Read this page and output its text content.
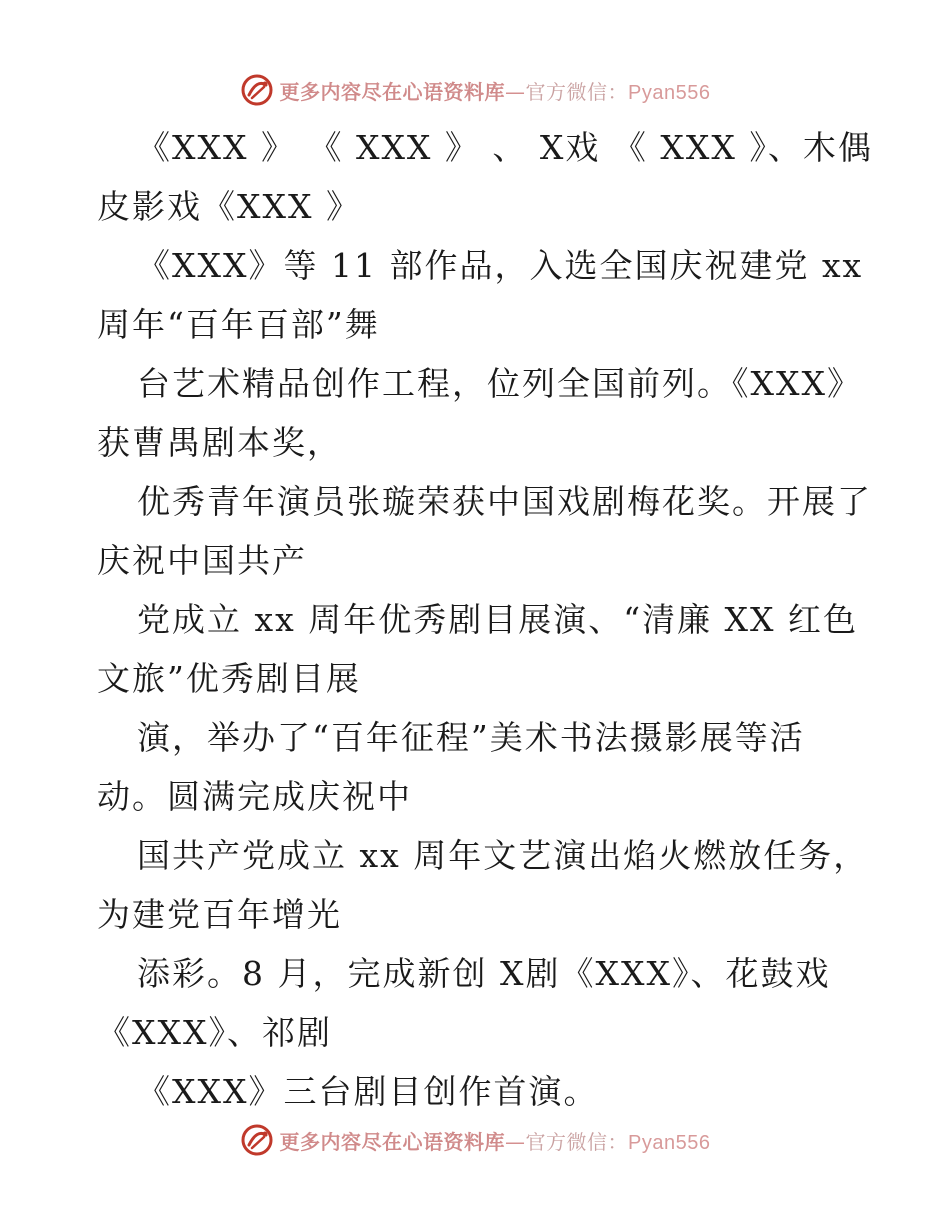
更多内容尽在心语资料库—官方微信：Pyan556
《XXX 》 《 XXX 》 、 X戏 《 XXX 》、木偶
皮影戏《XXX 》
《XXX》等 11 部作品，入选全国庆祝建党 xx
周年“百年百部”舞
台艺术精品创作工程，位列全国前列。《XXX》
获曹禺剧本奖，
优秀青年演员张璇荣获中国戏剧梅花奖。开展了
庆祝中国共产
党成立 xx 周年优秀剧目展演、“清廉 XX 红色
文旅”优秀剧目展
演，举办了“百年征程”美术书法摄影展等活
动。圆满完成庆祝中
国共产党成立 xx 周年文艺演出焰火燃放任务，
为建党百年增光
添彩。8 月，完成新创 X剧《XXX》、花鼓戏
《XXX》、祁剧
《XXX》三台剧目创作首演。
更多内容尽在心语资料库—官方微信：Pyan556
